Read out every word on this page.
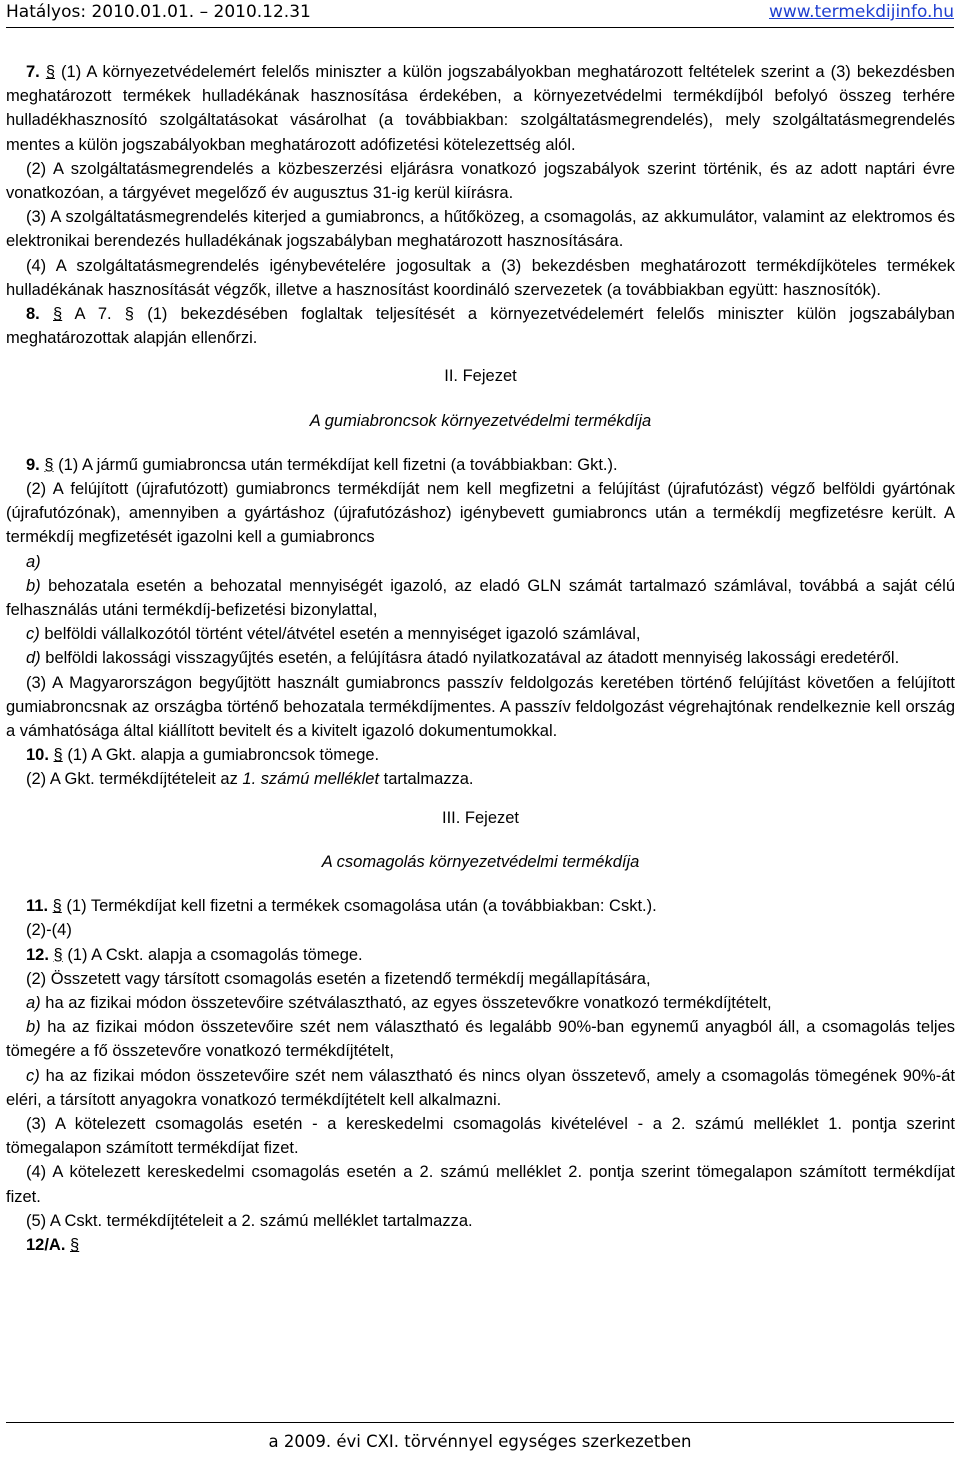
Hatályos: 2010.01.01. – 2010.12.31	www.termekdijinfo.hu

7. § (1) A környezetvédelemért felelős miniszter a külön jogszabályokban meghatározott feltételek szerint a (3) bekezdésben meghatározott termékek hulladékának hasznosítása érdekében, a környezetvédelmi termékdíjból befolyó összeg terhére hulladékhasznosító szolgáltatásokat vásárolhat (a továbbiakban: szolgáltatásmegrendelés), mely szolgáltatásmegrendelés mentes a külön jogszabályokban meghatározott adófizetési kötelezettség alól.

(2) A szolgáltatásmegrendelés a közbeszerzési eljárásra vonatkozó jogszabályok szerint történik, és az adott naptári évre vonatkozóan, a tárgyévet megelőző év augusztus 31-ig kerül kiírásra.

(3) A szolgáltatásmegrendelés kiterjed a gumiabroncs, a hűtőközeg, a csomagolás, az akkumulátor, valamint az elektromos és elektronikai berendezés hulladékának jogszabályban meghatározott hasznosítására.

(4) A szolgáltatásmegrendelés igénybevételére jogosultak a (3) bekezdésben meghatározott termékdíjköteles termékek hulladékának hasznosítását végzők, illetve a hasznosítást koordináló szervezetek (a továbbiakban együtt: hasznosítók).

8. § A 7. § (1) bekezdésében foglaltak teljesítését a környezetvédelemért felelős miniszter külön jogszabályban meghatározottak alapján ellenőrzi.

II. Fejezet

A gumiabroncsok környezetvédelmi termékdíja

9. § (1) A jármű gumiabroncsa után termékdíjat kell fizetni (a továbbiakban: Gkt.).

(2) A felújított (újrafutózott) gumiabroncs termékdíját nem kell megfizetni a felújítást (újrafutózást) végző belföldi gyártónak (újrafutózónak), amennyiben a gyártáshoz (újrafutózáshoz) igénybevett gumiabroncs után a termékdíj megfizetésre került. A termékdíj megfizetését igazolni kell a gumiabroncs

a)

b) behozatala esetén a behozatal mennyiségét igazoló, az eladó GLN számát tartalmazó számlával, továbbá a saját célú felhasználás utáni termékdíj-befizetési bizonylattal,

c) belföldi vállalkozótól történt vétel/átvétel esetén a mennyiséget igazoló számlával,

d) belföldi lakossági visszagyűjtés esetén, a felújításra átadó nyilatkozatával az átadott mennyiség lakossági eredetéről.

(3) A Magyarországon begyűjtött használt gumiabroncs passzív feldolgozás keretében történő felújítást követően a felújított gumiabroncsnak az országba történő behozatala termékdíjmentes. A passzív feldolgozást végrehajtónak rendelkeznie kell ország a vámhatósága által kiállított bevitelt és a kivitelt igazoló dokumentumokkal.

10. § (1) A Gkt. alapja a gumiabroncsok tömege.

(2) A Gkt. termékdíjtételeit az 1. számú melléklet tartalmazza.

III. Fejezet

A csomagolás környezetvédelmi termékdíja

11. § (1) Termékdíjat kell fizetni a termékek csomagolása után (a továbbiakban: Cskt.).

(2)-(4)

12. § (1) A Cskt. alapja a csomagolás tömege.

(2) Összetett vagy társított csomagolás esetén a fizetendő termékdíj megállapítására,

a) ha az fizikai módon összetevőire szétválasztható, az egyes összetevőkre vonatkozó termékdíjtételt,

b) ha az fizikai módon összetevőire szét nem választható és legalább 90%-ban egynemű anyagból áll, a csomagolás teljes tömegére a fő összetevőre vonatkozó termékdíjtételt,

c) ha az fizikai módon összetevőire szét nem választható és nincs olyan összetevő, amely a csomagolás tömegének 90%-át eléri, a társított anyagokra vonatkozó termékdíjtételt kell alkalmazni.

(3) A kötelezett csomagolás esetén - a kereskedelmi csomagolás kivételével - a 2. számú melléklet 1. pontja szerint tömegalapon számított termékdíjat fizet.

(4) A kötelezett kereskedelmi csomagolás esetén a 2. számú melléklet 2. pontja szerint tömegalapon számított termékdíjat fizet.

(5) A Cskt. termékdíjtételeit a 2. számú melléklet tartalmazza.

12/A. §

a 2009. évi CXI. törvénnyel egységes szerkezetben
